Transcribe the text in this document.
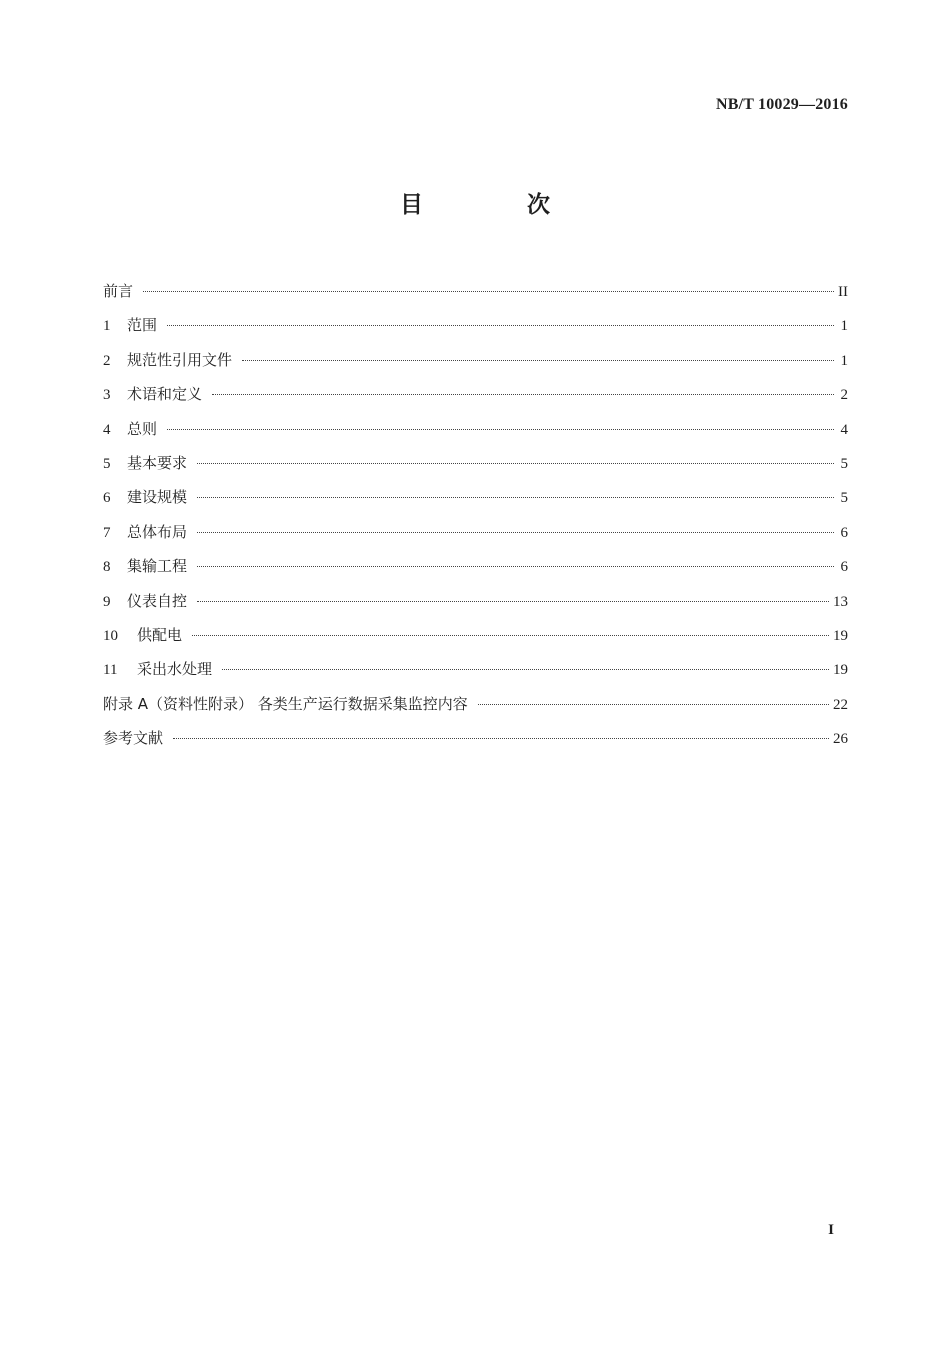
NB/T 10029—2016
目 次
前言	II
1	范围	1
2	规范性引用文件	1
3	术语和定义	2
4	总则	4
5	基本要求	5
6	建设规模	5
7	总体布局	6
8	集输工程	6
9	仪表自控	13
10	供配电	19
11	采出水处理	19
附录 A（资料性附录） 各类生产运行数据采集监控内容	22
参考文献	26
I
